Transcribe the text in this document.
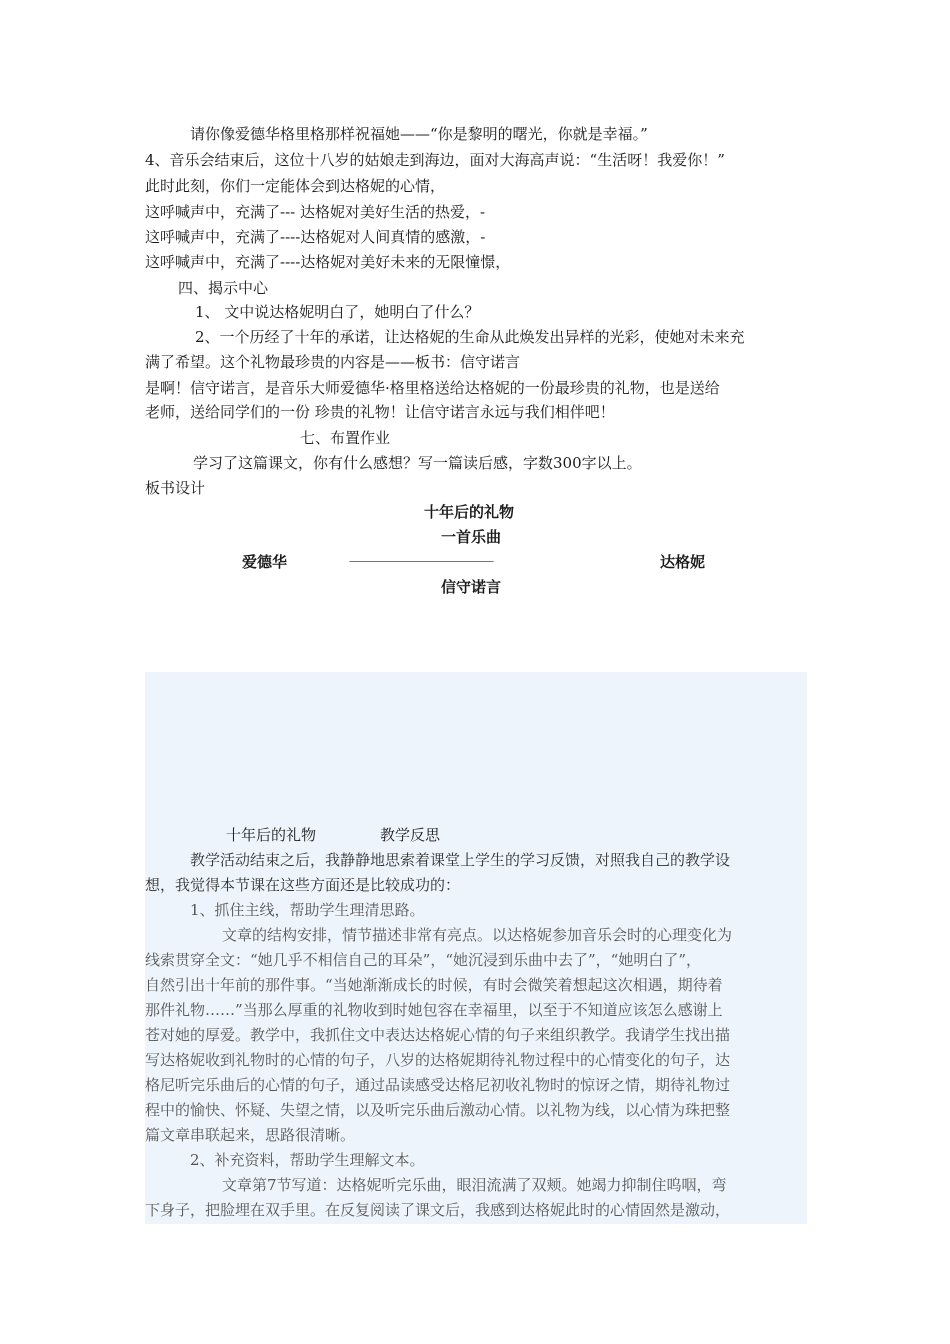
请你像爱德华格里格那样祝福她——“你是黎明的曙光，你就是幸福。”
4、音乐会结束后，这位十八岁的姑娘走到海边，面对大海高声说：“生活呀！我爱你！”
此时此刻，你们一定能体会到达格妮的心情，
这呼喊声中，充满了--- 达格妮对美好生活的热爱，-
这呼喊声中，充满了----达格妮对人间真情的感激，-
这呼喊声中，充满了----达格妮对美好未来的无限憧憬，
四、揭示中心
1、 文中说达格妮明白了，她明白了什么？
2、一个历经了十年的承诺，让达格妮的生命从此焕发出异样的光彩，使她对未来充
满了希望。这个礼物最珍贵的内容是——板书：信守诺言
是啊！信守诺言，是音乐大师爱德华·格里格送给达格妮的一份最珍贵的礼物，也是送给
老师，送给同学们的一份 珍贵的礼物！让信守诺言永远与我们相伴吧！
七、布置作业
学习了这篇课文，你有什么感想？写一篇读后感，字数300字以上。
板书设计
十年后的礼物
一首乐曲
爱德华	——————————————————	达格妮
信守诺言
十年后的礼物	教学反思
教学活动结束之后，我静静地思索着课堂上学生的学习反馈，对照我自己的教学设
想，我觉得本节课在这些方面还是比较成功的：
1、抓住主线，帮助学生理清思路。
文章的结构安排，情节描述非常有亮点。以达格妮参加音乐会时的心理变化为
线索贯穿全文：“她几乎不相信自己的耳朵”，“她沉浸到乐曲中去了”，“她明白了”，
自然引出十年前的那件事。“当她渐渐成长的时候，有时会微笑着想起这次相遇，期待着
那件礼物……”当那么厚重的礼物收到时她包容在幸福里，以至于不知道应该怎么感谢上
苍对她的厚爱。教学中，我抓住文中表达达格妮心情的句子来组织教学。我请学生找出描
写达格妮收到礼物时的心情的句子，八岁的达格妮期待礼物过程中的心情变化的句子，达
格尼听完乐曲后的心情的句子，通过品读感受达格尼初收礼物时的惊讶之情，期待礼物过
程中的愉快、怀疑、失望之情，以及听完乐曲后激动心情。以礼物为线，以心情为珠把整
篇文章串联起来，思路很清晰。
2、补充资料，帮助学生理解文本。
文章第7节写道：达格妮听完乐曲，眼泪流满了双颊。她竭力抑制住呜咽，弯
下身子，把脸埋在双手里。在反复阅读了课文后，我感到达格妮此时的心情固然是激动，
